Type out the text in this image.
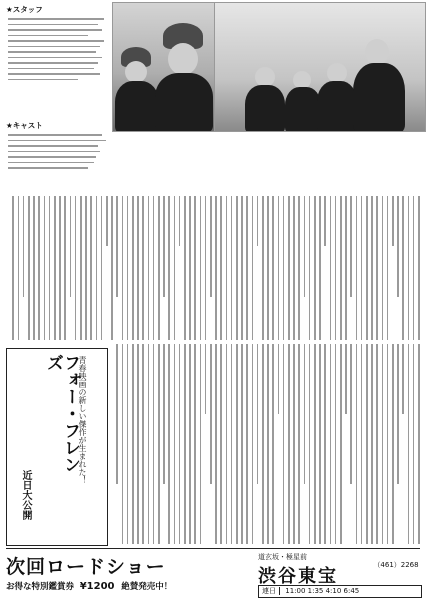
★スタッフ
★キャスト
青春映画の新しい傑作が生まれた！
フォー・フレンズ
近日大公開
次回ロードショー
お得な特別鑑賞券 ¥1200 絶賛発売中！
道玄坂・極星前
渋谷東宝
（461）2268
連日 11:00 1:35 4:10 6:45
